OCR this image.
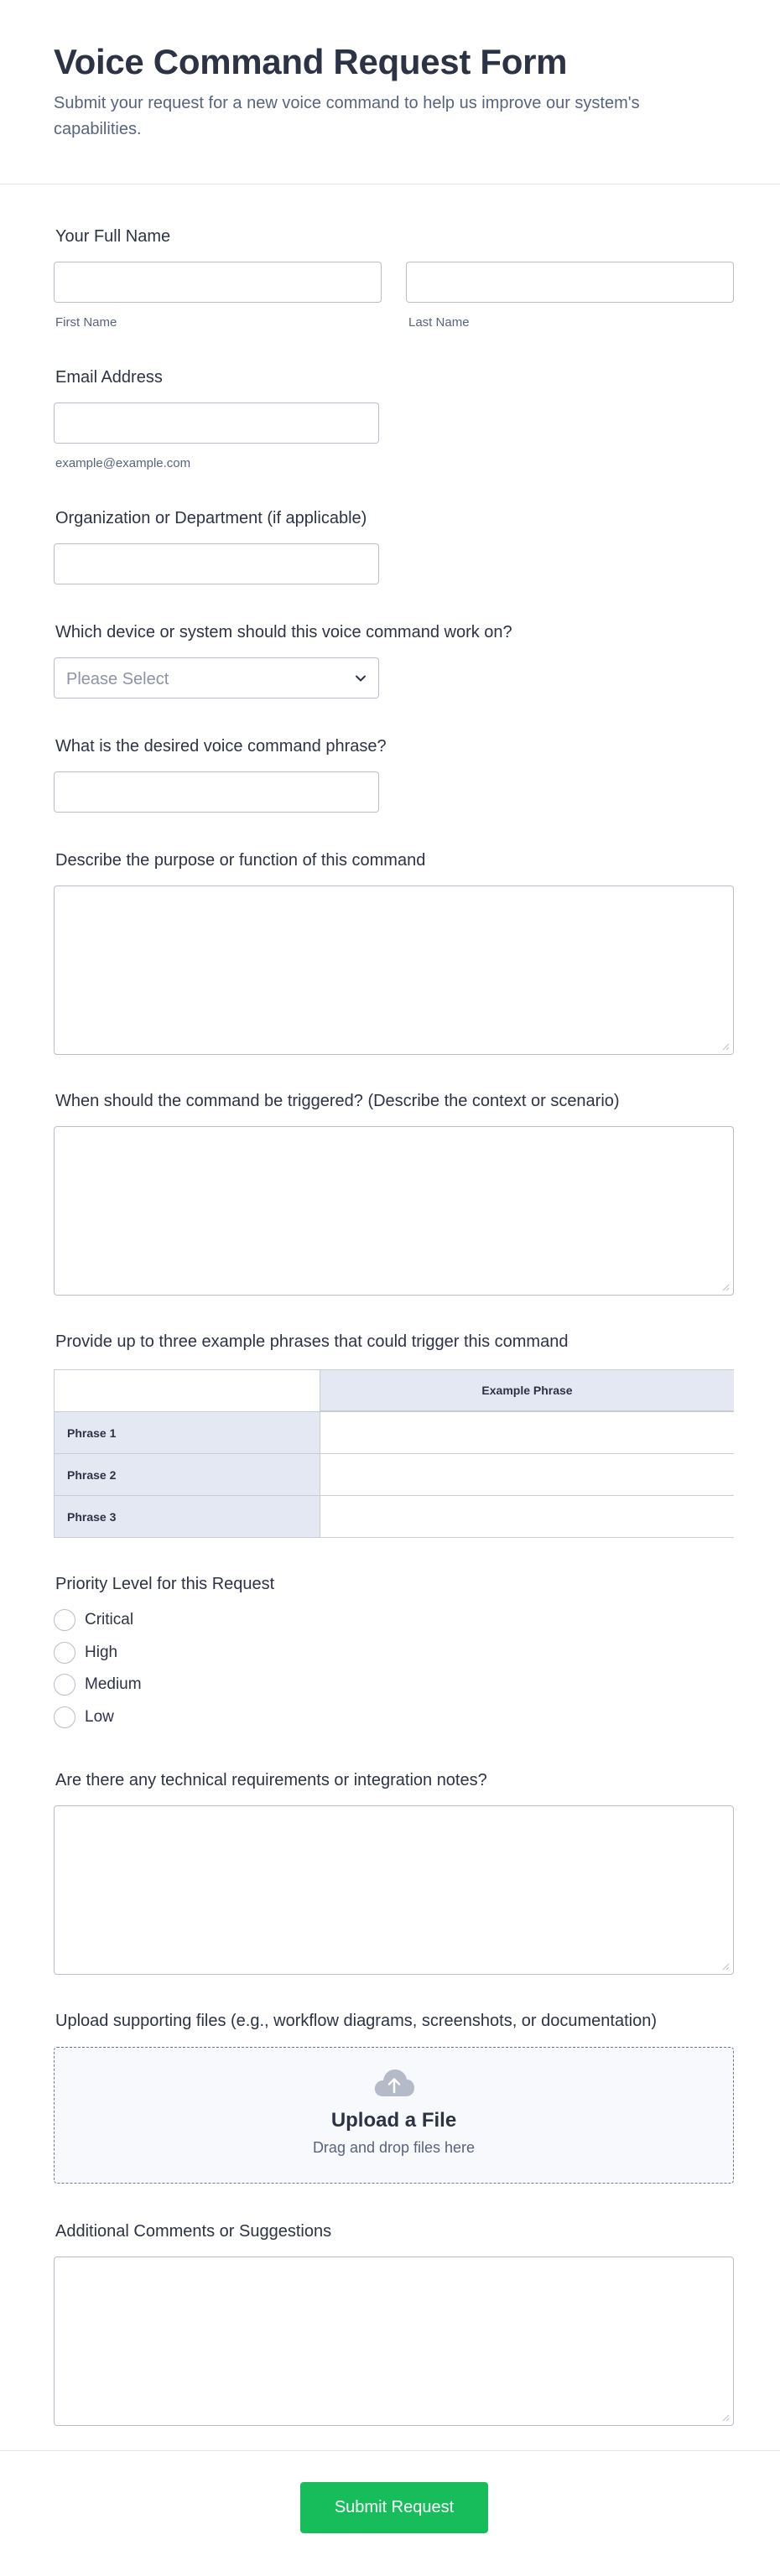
Voice Command Request Form

Submit your request for a new voice command to help us improve our system's capabilities.

Your Full Name
First Name	Last Name
Email Address
example@example.com
Organization or Department (if applicable)
Which device or system should this voice command work on?
Please Select
What is the desired voice command phrase?
Describe the purpose or function of this command
When should the command be triggered? (Describe the context or scenario)
Provide up to three example phrases that could trigger this command
Example Phrase
Phrase 1
Phrase 2
Phrase 3
Priority Level for this Request
Critical
High
Medium
Low
Are there any technical requirements or integration notes?
Upload supporting files (e.g., workflow diagrams, screenshots, or documentation)
Upload a File
Drag and drop files here
Additional Comments or Suggestions
Submit Request
